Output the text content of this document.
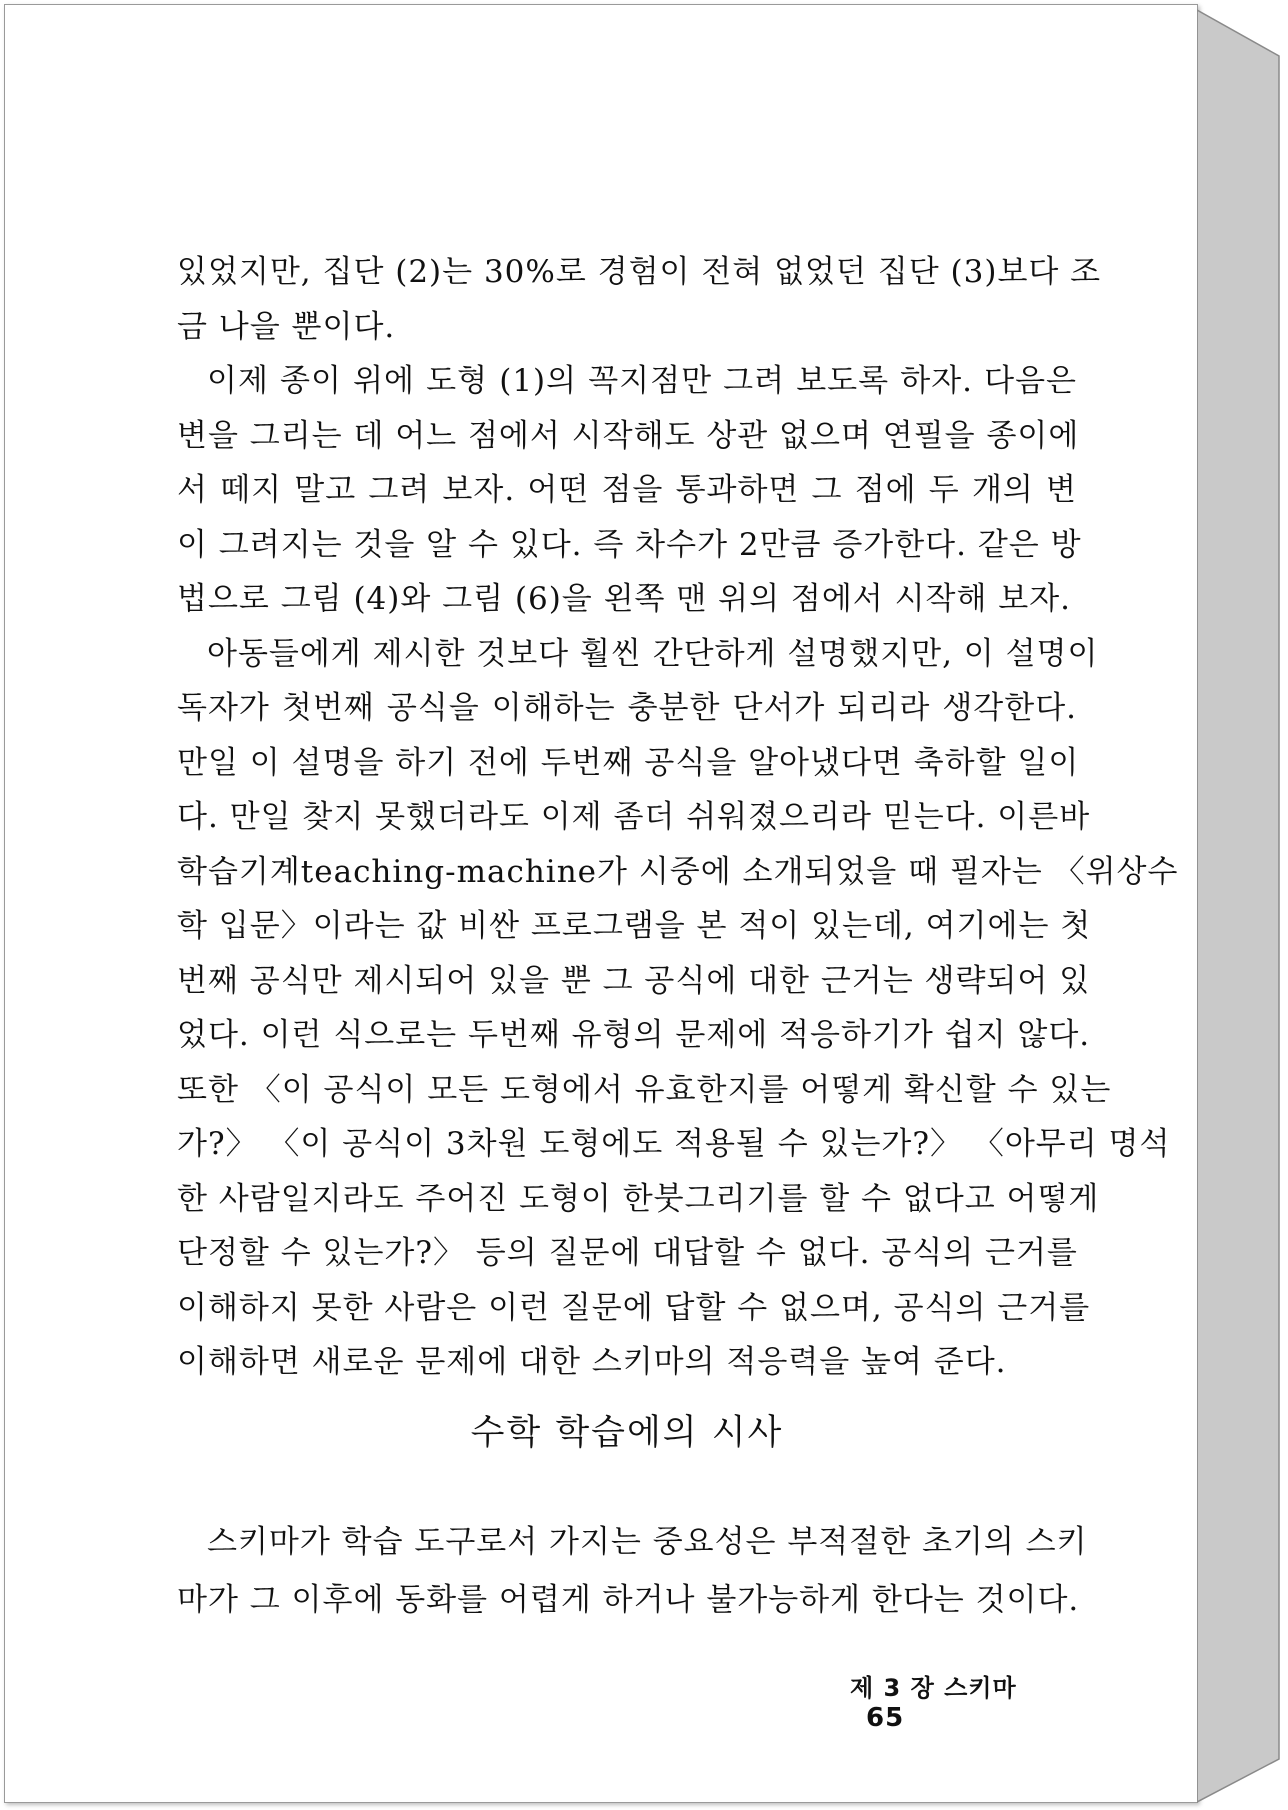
있었지만, 집단 (2)는 30%로 경험이 전혀 없었던 집단 (3)보다 조
금 나을 뿐이다.
이제 종이 위에 도형 (1)의 꼭지점만 그려 보도록 하자. 다음은
변을 그리는 데 어느 점에서 시작해도 상관 없으며 연필을 종이에
서 떼지 말고 그려 보자. 어떤 점을 통과하면 그 점에 두 개의 변
이 그려지는 것을 알 수 있다. 즉 차수가 2만큼 증가한다. 같은 방
법으로 그림 (4)와 그림 (6)을 왼쪽 맨 위의 점에서 시작해 보자.
아동들에게 제시한 것보다 훨씬 간단하게 설명했지만, 이 설명이
독자가 첫번째 공식을 이해하는 충분한 단서가 되리라 생각한다.
만일 이 설명을 하기 전에 두번째 공식을 알아냈다면 축하할 일이
다. 만일 찾지 못했더라도 이제 좀더 쉬워졌으리라 믿는다. 이른바
학습기계teaching-machine가 시중에 소개되었을 때 필자는 〈위상수
학 입문〉이라는 값 비싼 프로그램을 본 적이 있는데, 여기에는 첫
번째 공식만 제시되어 있을 뿐 그 공식에 대한 근거는 생략되어 있
었다. 이런 식으로는 두번째 유형의 문제에 적응하기가 쉽지 않다.
또한 〈이 공식이 모든 도형에서 유효한지를 어떻게 확신할 수 있는
가?〉 〈이 공식이 3차원 도형에도 적용될 수 있는가?〉 〈아무리 명석
한 사람일지라도 주어진 도형이 한붓그리기를 할 수 없다고 어떻게
단정할 수 있는가?〉 등의 질문에 대답할 수 없다. 공식의 근거를
이해하지 못한 사람은 이런 질문에 답할 수 없으며, 공식의 근거를
이해하면 새로운 문제에 대한 스키마의 적응력을 높여 준다.
수학 학습에의 시사
스키마가 학습 도구로서 가지는 중요성은 부적절한 초기의 스키
마가 그 이후에 동화를 어렵게 하거나 불가능하게 한다는 것이다.
제 3 장 스키마65
